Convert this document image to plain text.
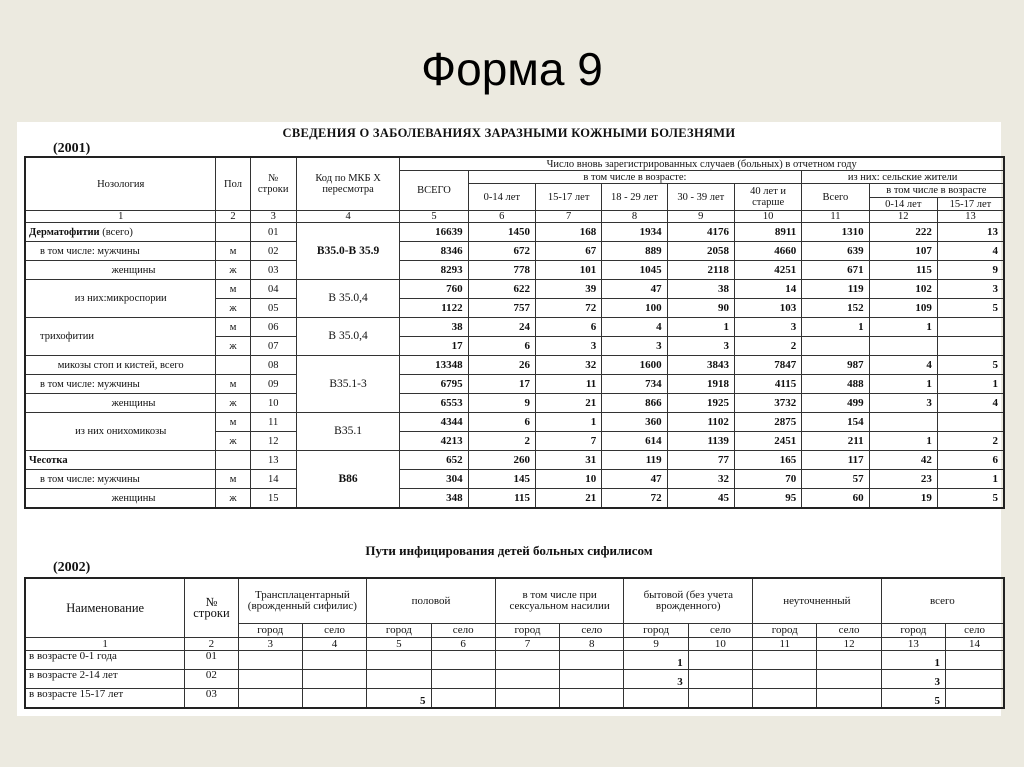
Форма 9
СВЕДЕНИЯ О ЗАБОЛЕВАНИЯХ ЗАРАЗНЫМИ КОЖНЫМИ БОЛЕЗНЯМИ
(2001)
Нозология	Пол	№ строки	Код по МКБ X пересмотра	Число вновь зарегистрированных случаев (больных) в отчетном году								
				ВСЕГО	в том числе в возрасте:					из них: сельские жители		
					0-14 лет	15-17 лет	18 - 29 лет	30 - 39 лет	40 лет и старше	Всего	в том числе в возрасте	
											0-14 лет	15-17 лет
1	2	3	4	5	6	7	8	9	10	11	12	13
Дерматофитии (всего)		01	B35.0-B 35.9	16639	1450	168	1934	4176	8911	1310	222	13
в том числе: мужчины	м	02		8346	672	67	889	2058	4660	639	107	4
женщины	ж	03		8293	778	101	1045	2118	4251	671	115	9
из них:микроспории	м	04	B 35.0,4	760	622	39	47	38	14	119	102	3
	ж	05		1122	757	72	100	90	103	152	109	5
трихофитии	м	06	B 35.0,4	38	24	6	4	1	3	1	1	
	ж	07		17	6	3	3	3	2			
микозы стоп и кистей, всего		08	B35.1-3	13348	26	32	1600	3843	7847	987	4	5
в том числе: мужчины	м	09		6795	17	11	734	1918	4115	488	1	1
женщины	ж	10		6553	9	21	866	1925	3732	499	3	4
из них онихомикозы	м	11	B35.1	4344	6	1	360	1102	2875	154		
	ж	12		4213	2	7	614	1139	2451	211	1	2
Чесотка		13	B86	652	260	31	119	77	165	117	42	6
в том числе: мужчины	м	14		304	145	10	47	32	70	57	23	1
женщины	ж	15		348	115	21	72	45	95	60	19	5
Пути инфицирования детей больных сифилисом
(2002)
Наименование	№ строки	Трансплацентарный (врожденный сифилис)		половой		в том числе при сексуальном насилии		бытовой (без учета врожденного)		неуточненный		всего	
		город	село	город	село	город	село	город	село	город	село	город	село
1	2	3	4	5	6	7	8	9	10	11	12	13	14
в возрасте 0-1 года	01							1				1	
в возрасте 2-14 лет	02							3				3	
в возрасте 15-17 лет	03			5								5	
